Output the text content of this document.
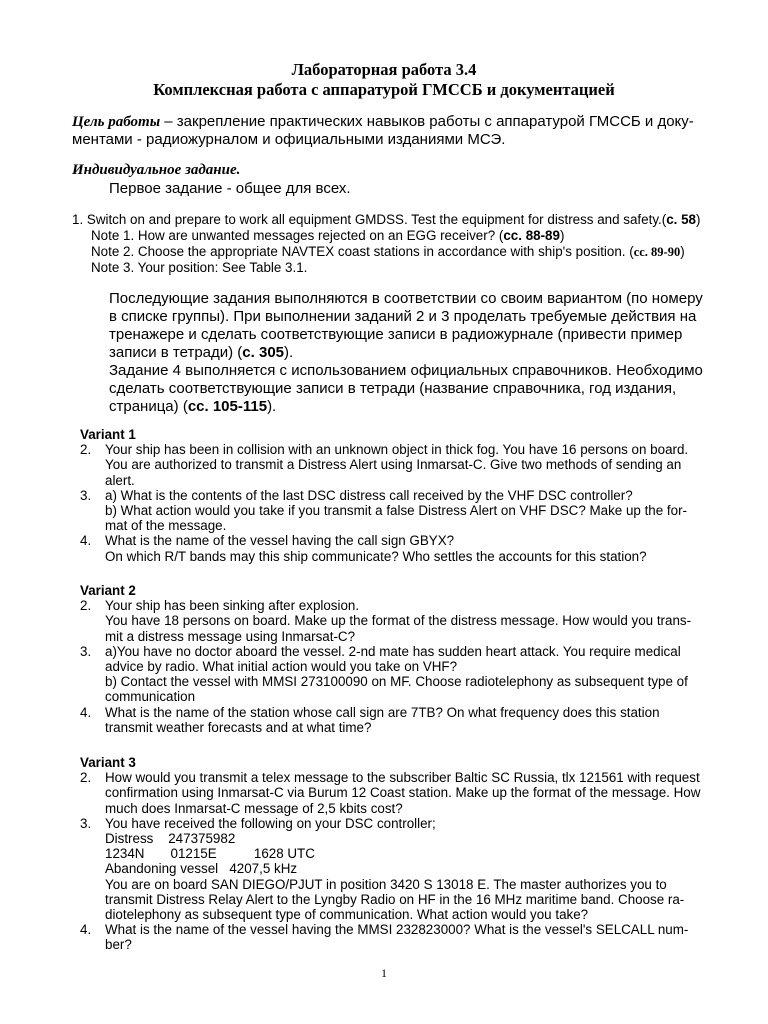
Лабораторная работа 3.4
Комплексная работа с аппаратурой ГМССБ и документацией
Цель работы – закрепление практических навыков работы с аппаратурой ГМССБ и доку-
ментами - радиожурналом и официальными изданиями МСЭ.
Индивидуальное задание.
Первое задание - общее для всех.
1. Switch on and prepare to work all equipment GMDSS. Test the equipment for distress and safety.(c. 58)
Note 1. How are unwanted messages rejected on an EGG receiver? (cc. 88-89)
Note 2. Choose the appropriate NAVTEX coast stations in accordance with ship's position. (cc. 89-90)
Note 3. Your position: See Table 3.1.
Последующие задания выполняются в соответствии со своим вариантом (по номеру
в списке группы). При выполнении заданий 2 и 3 проделать требуемые действия на
тренажере и сделать соответствующие записи в радиожурнале (привести пример
записи в тетради) (с. 305).
Задание 4 выполняется с использованием официальных справочников. Необходимо
сделать соответствующие записи в тетради (название справочника, год издания,
страница) (cc. 105-115).
Variant 1
2. Your ship has been in collision with an unknown object in thick fog. You have 16 persons on board.
You are authorized to transmit a Distress Alert using Inmarsat-C. Give two methods of sending an
alert.
3. a) What is the contents of the last DSC distress call received by the VHF DSC controller?
b) What action would you take if you transmit a false Distress Alert on VHF DSC? Make up the for-
mat of the message.
4. What is the name of the vessel having the call sign GBYX?
On which R/T bands may this ship communicate? Who settles the accounts for this station?
Variant 2
2. Your ship has been sinking after explosion.
You have 18 persons on board. Make up the format of the distress message. How would you trans-
mit a distress message using Inmarsat-C?
3. a)You have no doctor aboard the vessel. 2-nd mate has sudden heart attack. You require medical
advice by radio. What initial action would you take on VHF?
b) Contact the vessel with MMSI 273100090 on MF. Choose radiotelephony as subsequent type of
communication
4. What is the name of the station whose call sign are 7TB? On what frequency does this station
transmit weather forecasts and at what time?
Variant 3
2. How would you transmit a telex message to the subscriber Baltic SC Russia, tlx 121561 with request
confirmation using Inmarsat-C via Burum 12 Coast station. Make up the format of the message. How
much does Inmarsat-C message of 2,5 kbits cost?
3. You have received the following on your DSC controller;
Distress    247375982
1234N       01215E          1628 UTC
Abandoning vessel   4207,5 kHz
You are on board SAN DIEGO/PJUT in position 3420 S 13018 E. The master authorizes you to
transmit Distress Relay Alert to the Lyngby Radio on HF in the 16 MHz maritime band. Choose ra-
diotelephony as subsequent type of communication. What action would you take?
4. What is the name of the vessel having the MMSI 232823000? What is the vessel's SELCALL num-
ber?
1
